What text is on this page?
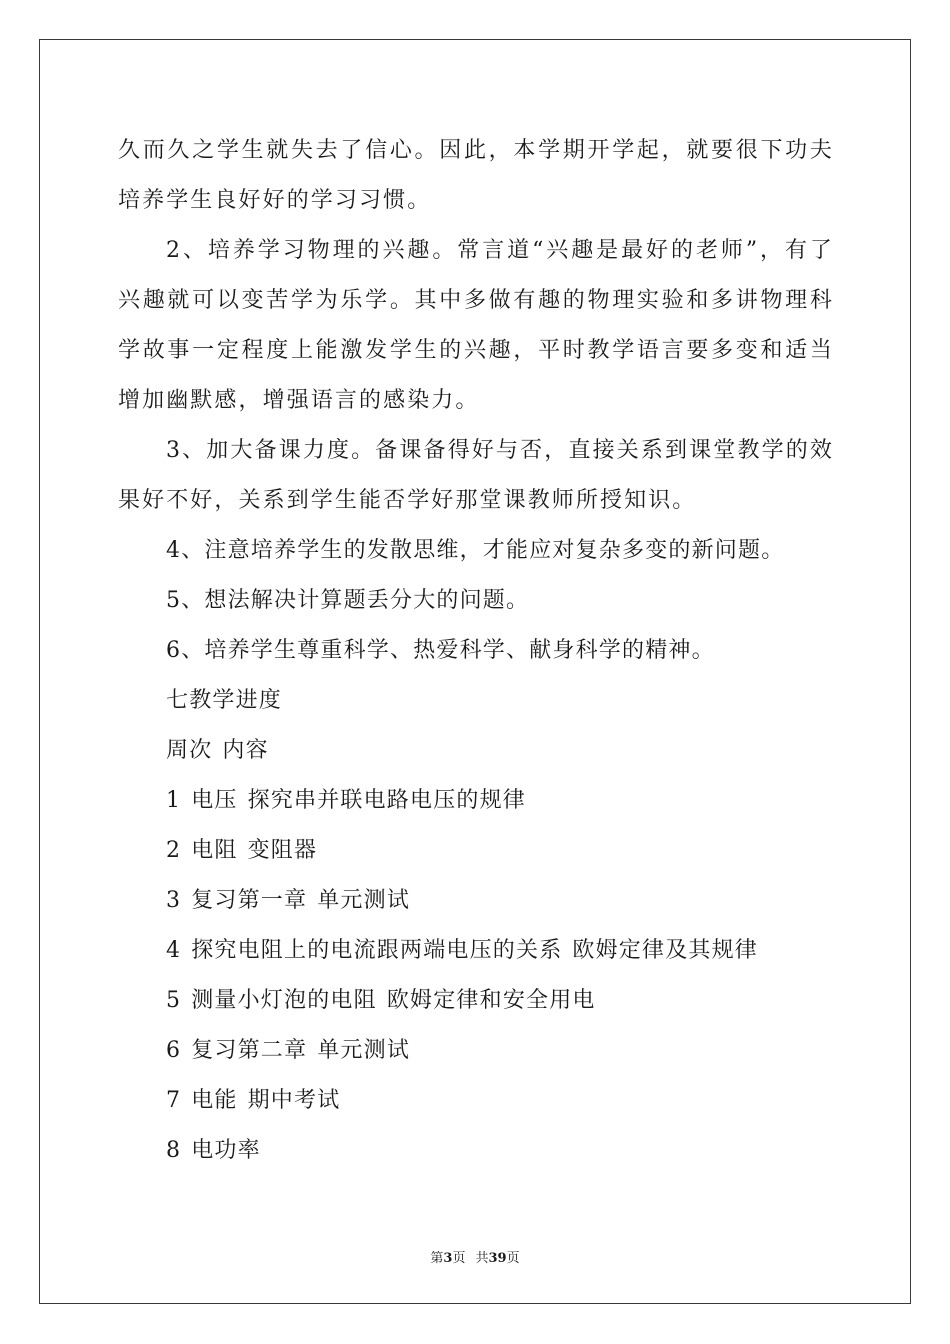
久而久之学生就失去了信心。因此，本学期开学起，就要很下功夫培养学生良好好的学习习惯。

2、培养学习物理的兴趣。常言道“兴趣是最好的老师”，有了兴趣就可以变苦学为乐学。其中多做有趣的物理实验和多讲物理科学故事一定程度上能激发学生的兴趣，平时教学语言要多变和适当增加幽默感，增强语言的感染力。

3、加大备课力度。备课备得好与否，直接关系到课堂教学的效果好不好，关系到学生能否学好那堂课教师所授知识。

4、注意培养学生的发散思维，才能应对复杂多变的新问题。

5、想法解决计算题丢分大的问题。

6、培养学生尊重科学、热爱科学、献身科学的精神。

七教学进度

周次 内容

1 电压 探究串并联电路电压的规律

2 电阻 变阻器

3 复习第一章 单元测试

4 探究电阻上的电流跟两端电压的关系 欧姆定律及其规律

5 测量小灯泡的电阻 欧姆定律和安全用电

6 复习第二章 单元测试

7 电能 期中考试

8 电功率

第3页 共39页
